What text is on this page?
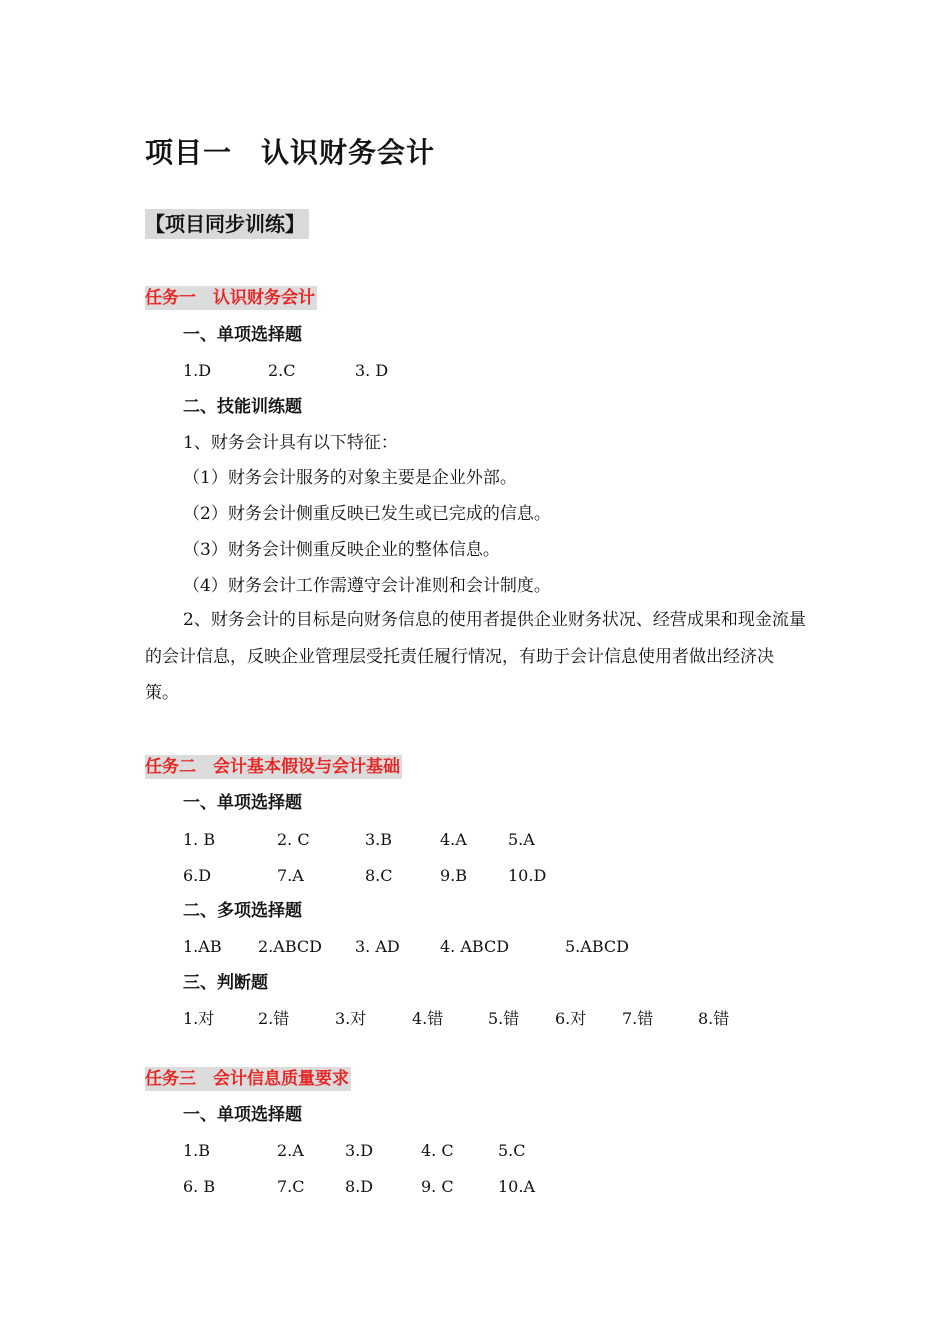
项目一　认识财务会计
【项目同步训练】
任务一　认识财务会计
一、单项选择题
1.D	2.C	3. D
二、技能训练题
1、财务会计具有以下特征：
（1）财务会计服务的对象主要是企业外部。
（2）财务会计侧重反映已发生或已完成的信息。
（3）财务会计侧重反映企业的整体信息。
（4）财务会计工作需遵守会计准则和会计制度。
2、财务会计的目标是向财务信息的使用者提供企业财务状况、经营成果和现金流量的会计信息，反映企业管理层受托责任履行情况，有助于会计信息使用者做出经济决策。
任务二　会计基本假设与会计基础
一、单项选择题
1. B	2. C	3.B	4.A	5.A
6.D	7.A	8.C	9.B	10.D
二、多项选择题
1.AB 2.ABCD 3. AD	4. ABCD	5.ABCD
三、判断题
1.对	2.错	3.对	4.错	5.错 6.对 7.错	8.错
任务三　会计信息质量要求
一、单项选择题
1.B	2.A	3.D	4. C	5.C
6. B	7.C	8.D	9. C	10.A
